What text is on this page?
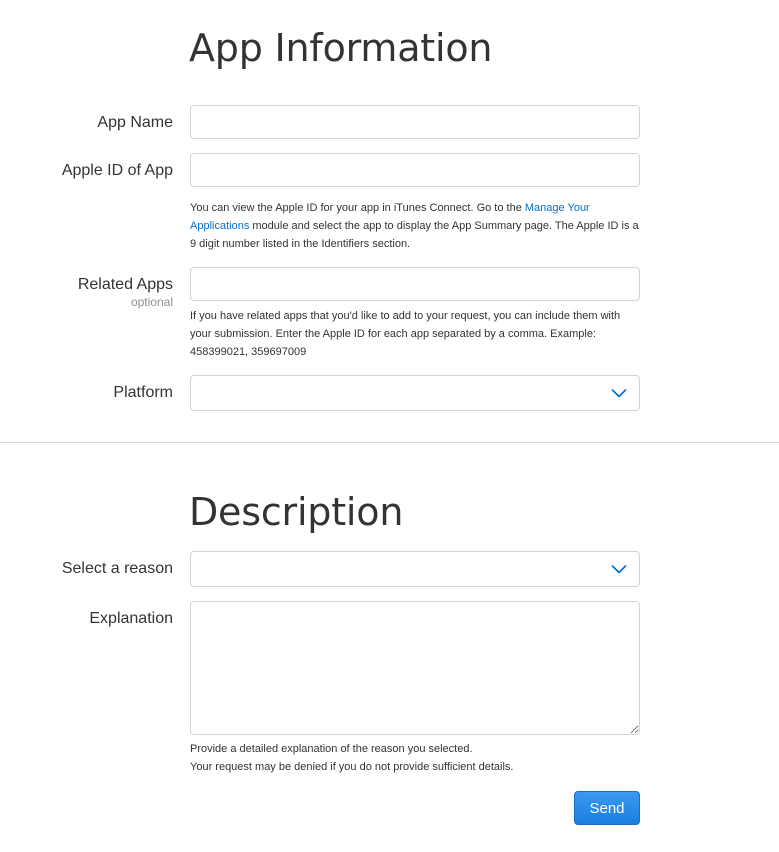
App Information
App Name
Apple ID of App

You can view the Apple ID for your app in iTunes Connect. Go to the Manage Your Applications module and select the app to display the App Summary page. The Apple ID is a 9 digit number listed in the Identifiers section.

Related Apps
optional

If you have related apps that you'd like to add to your request, you can include them with your submission. Enter the Apple ID for each app separated by a comma. Example: 458399021, 359697009

Platform
Description
Select a reason
Explanation

Provide a detailed explanation of the reason you selected.
Your request may be denied if you do not provide sufficient details.

Send
